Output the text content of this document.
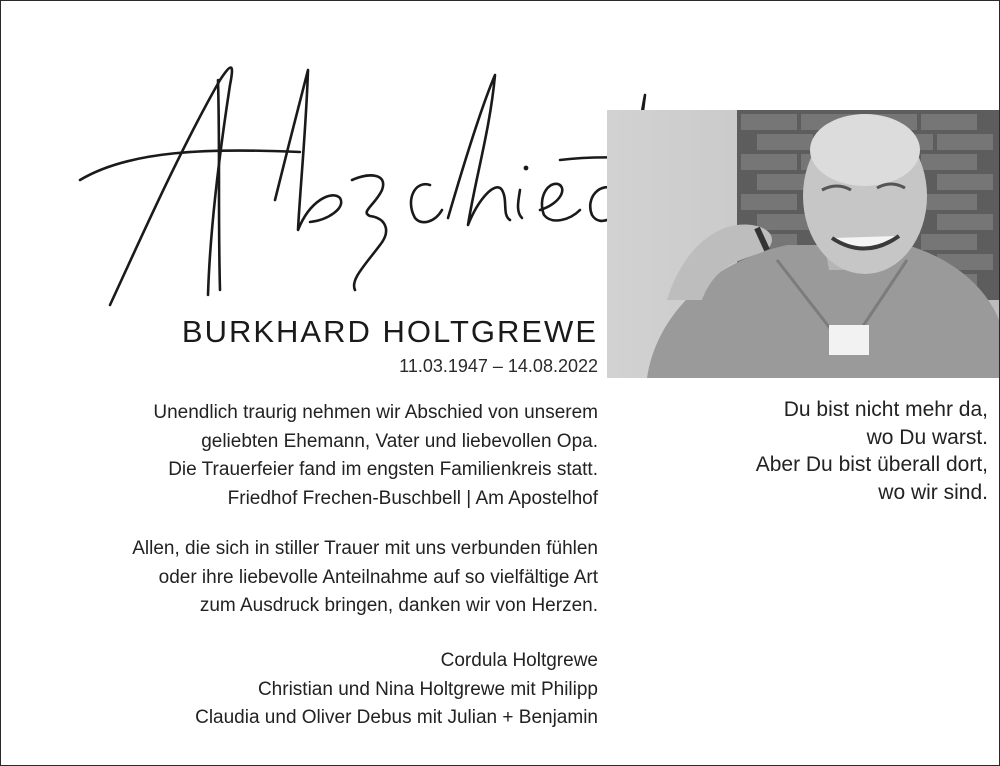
BURKHARD HOLTGREWE
11.03.1947 – 14.08.2022
Unendlich traurig nehmen wir Abschied von unserem
geliebten Ehemann, Vater und liebevollen Opa.
Die Trauerfeier fand im engsten Familienkreis statt.
Friedhof Frechen-Buschbell | Am Apostelhof
Allen, die sich in stiller Trauer mit uns verbunden fühlen
oder ihre liebevolle Anteilnahme auf so vielfältige Art
zum Ausdruck bringen, danken wir von Herzen.
Cordula Holtgrewe
Christian und Nina Holtgrewe mit Philipp
Claudia und Oliver Debus mit Julian + Benjamin
Du bist nicht mehr da,
wo Du warst.
Aber Du bist überall dort,
wo wir sind.
